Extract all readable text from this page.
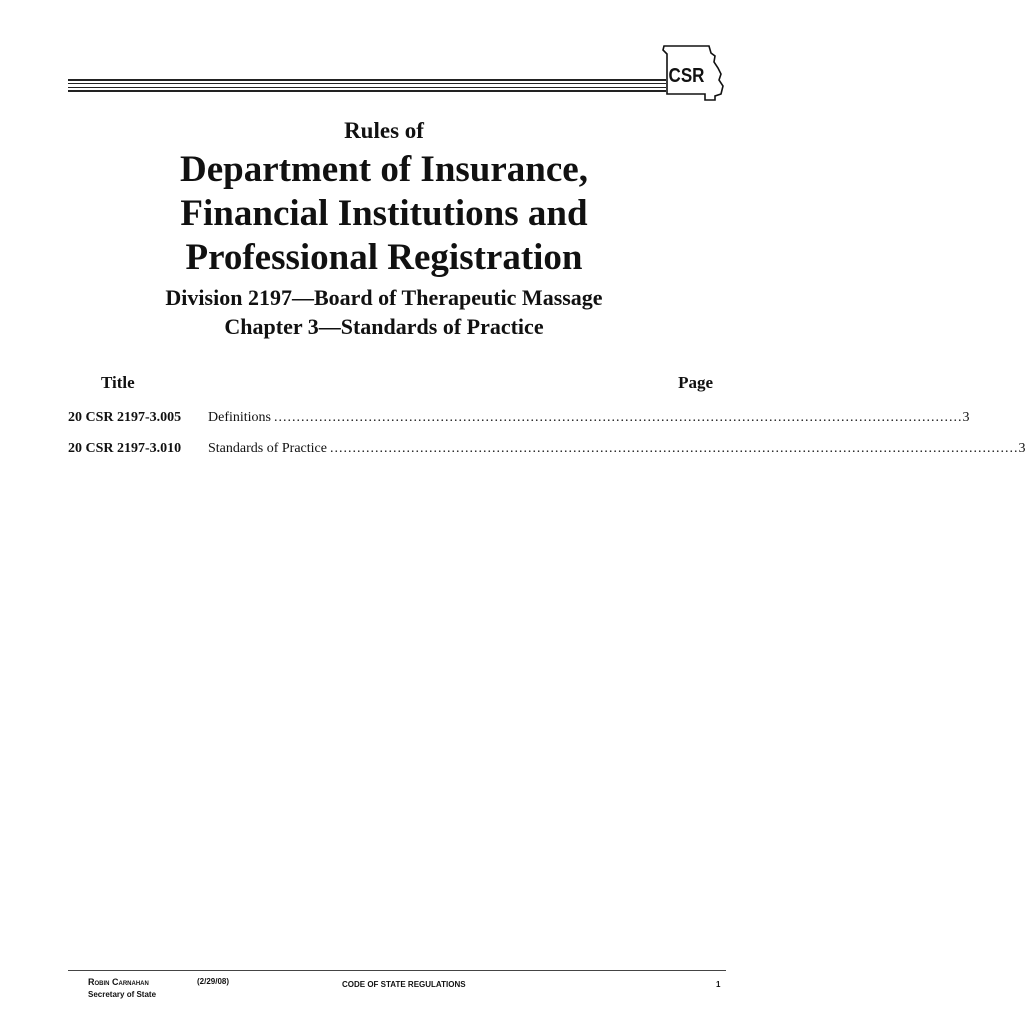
CSR
Rules of
Department of Insurance,
Financial Institutions and
Professional Registration
Division 2197—Board of Therapeutic Massage
Chapter 3—Standards of Practice
Title	Page
20 CSR 2197-3.005 Definitions ......................................................................................................................................................... 3
20 CSR 2197-3.010 Standards of Practice ......................................................................................................................................................... 3
Robin Carnahan
Secretary of State
(2/29/08)	CODE OF STATE REGULATIONS	1
